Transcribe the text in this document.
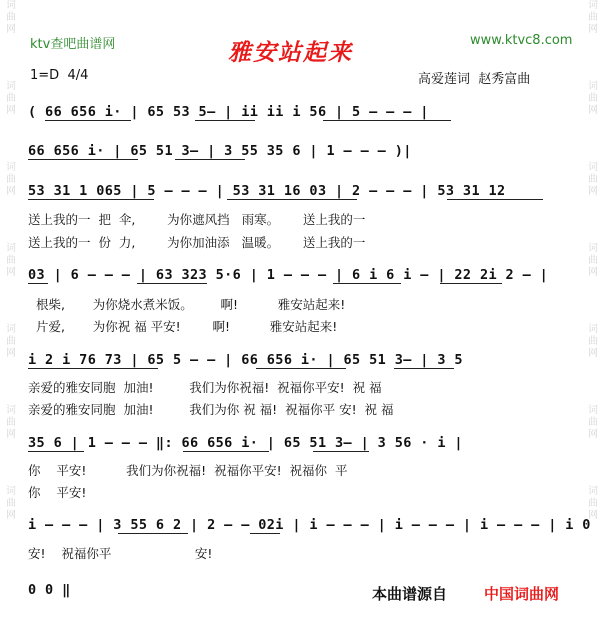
词
曲
网
词
曲
网
词
曲
网
词
曲
网
词
曲
网
词
曲
网
词
曲
网
词
曲
网
词
曲
网
词
曲
网
词
曲
网
词
曲
网
词
曲
网
词
曲
网
ktv查吧曲谱网	雅安站起来	www.ktvc8.com
1=D  4/4	高爱莲词  赵秀富曲
( 66 656 i· | 65 53 5– | ii ii i 56 | 5 – – – |
66 656 i· | 65 51 3– | 3 55 35 6 | 1 – – – )|
53 31 1 065 | 5 – – – | 53 31 16 03 | 2 – – – | 53 31 12
送上我的一  把  伞,        为你遮风挡   雨寒。      送上我的一
送上我的一  份  力,        为你加油添   温暖。      送上我的一
03 | 6 – – – | 63 323 5·6 | 1 – – – | 6 i 6 i – | 22 2i 2 – |
根柴,       为你烧水煮米饭。       啊!          雅安站起来!
片爱,       为你祝 福 平安!        啊!          雅安站起来!
i 2 i 76 73 | 65 5 – – | 66 656 i· | 65 51 3– | 3 5
亲爱的雅安同胞  加油!         我们为你祝福!  祝福你平安!  祝 福
亲爱的雅安同胞  加油!         我们为你 祝 福!  祝福你平 安!  祝 福
35 6 | 1 – – – ‖: 66 656 i· | 65 51 3– | 3 56 · i |
你    平安!          我们为你祝福!  祝福你平安!  祝福你  平
你    平安!
i – – – | 3 55 6 2 | 2 – – 02i | i – – – | i – – – | i – – – | i 0
安!    祝福你平                     安!
0 0 ‖	本曲谱源自 中国词曲网
